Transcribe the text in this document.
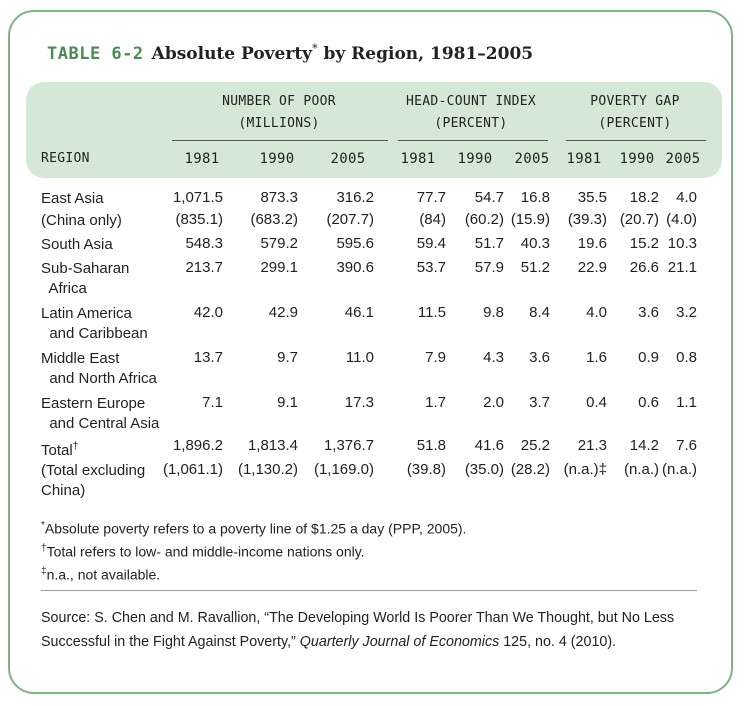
TABLE 6-2 Absolute Poverty* by Region, 1981–2005
NUMBER OF POOR
(MILLIONS)
HEAD-COUNT INDEX
(PERCENT)
POVERTY GAP
(PERCENT)
REGION	1981	1990	2005	1981	1990	2005	1981	1990 2005
East Asia	1,071.5 873.3	316.2	77.7 54.7 16.8 35.5 18.2 4.0
(China only)	(835.1) (683.2) (207.7)	(84) (60.2) (15.9) (39.3) (20.7) (4.0)
South Asia	548.3 579.2	595.6	59.4 51.7 40.3 19.6 15.2 10.3
Sub-Saharan
Africa
213.7 299.1	390.6	53.7 57.9 51.2 22.9 26.6 21.1
Latin America
and Caribbean
42.0	42.9	46.1	11.5 9.8 8.4 4.0 3.6 3.2
Middle East
and North Africa
13.7	9.7	11.0	7.9 4.3 3.6 1.6 0.9 0.8
Eastern Europe
and Central Asia
7.1	9.1	17.3	1.7 2.0 3.7 0.4 0.6 1.1
Total†	1,896.2 1,813.4 1,376.7	51.8 41.6 25.2 21.3 14.2 7.6
(Total excluding
China)
(1,061.1) (1,130.2) (1,169.0) (39.8) (35.0) (28.2) (n.a.)‡ (n.a.) (n.a.)
*Absolute poverty refers to a poverty line of $1.25 a day (PPP, 2005).
†Total refers to low- and middle-income nations only.
‡n.a., not available.
Source: S. Chen and M. Ravallion, “The Developing World Is Poorer Than We Thought, but No Less Successful in the Fight Against Poverty,” Quarterly Journal of Economics 125, no. 4 (2010).
